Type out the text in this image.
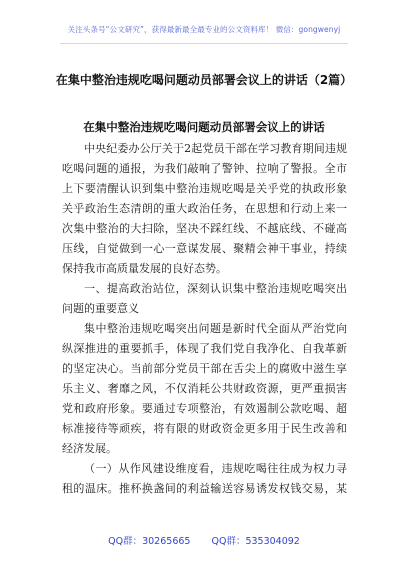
关注头条号“公文研究”，获得最新最全最专业的公文资料库！ 微信：gongwenyj
在集中整治违规吃喝问题动员部署会议上的讲话（2篇）
在集中整治违规吃喝问题动员部署会议上的讲话
中央纪委办公厅关于2起党员干部在学习教育期间违规
吃喝问题的通报，为我们敲响了警钟、拉响了警报。全市
上下要清醒认识到集中整治违规吃喝是关乎党的执政形象
关乎政治生态清朗的重大政治任务，在思想和行动上来一
次集中整治的大扫除，坚决不踩红线、不越底线、不碰高
压线，自觉做到一心一意谋发展、聚精会神干事业，持续
保持我市高质量发展的良好态势。
一、提高政治站位，深刻认识集中整治违规吃喝突出
问题的重要意义
集中整治违规吃喝突出问题是新时代全面从严治党向
纵深推进的重要抓手，体现了我们党自我净化、自我革新
的坚定决心。当前部分党员干部在舌尖上的腐败中滋生享
乐主义、奢靡之风，不仅消耗公共财政资源，更严重损害
党和政府形象。要通过专项整治，有效遏制公款吃喝、超
标准接待等顽疾，将有限的财政资金更多用于民生改善和
经济发展。
（一）从作风建设维度看，违规吃喝往往成为权力寻
租的温床。推杯换盏间的利益输送容易诱发权钱交易，某
QQ群：30265665 QQ群：535304092
